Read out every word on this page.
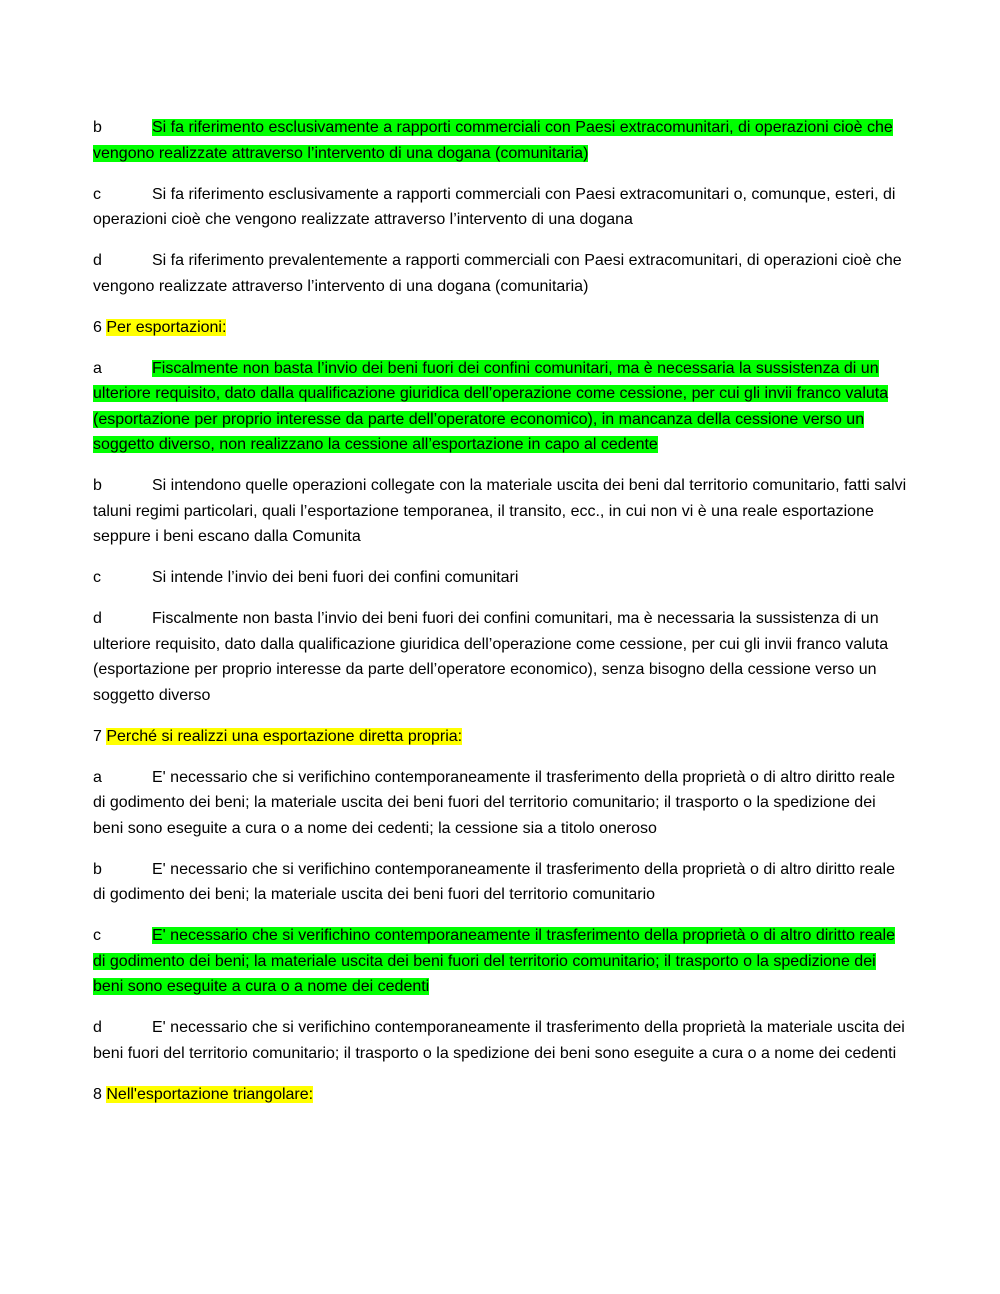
b	Si fa riferimento esclusivamente a rapporti commerciali con Paesi extracomunitari, di operazioni cioè che vengono realizzate attraverso l’intervento di una dogana (comunitaria)

c	Si fa riferimento esclusivamente a rapporti commerciali con Paesi extracomunitari o, comunque, esteri, di operazioni cioè che vengono realizzate attraverso l’intervento di una dogana

d	Si fa riferimento prevalentemente a rapporti commerciali con Paesi extracomunitari, di operazioni cioè che vengono realizzate attraverso l’intervento di una dogana (comunitaria)

6 Per esportazioni:

a	Fiscalmente non basta l’invio dei beni fuori dei confini comunitari, ma è necessaria la sussistenza di un ulteriore requisito, dato dalla qualificazione giuridica dell’operazione come cessione, per cui gli invii franco valuta (esportazione per proprio interesse da parte dell’operatore economico), in mancanza della cessione verso un soggetto diverso, non realizzano la cessione all’esportazione in capo al cedente

b	Si intendono quelle operazioni collegate con la materiale uscita dei beni dal territorio comunitario, fatti salvi taluni regimi particolari, quali l’esportazione temporanea, il transito, ecc., in cui non vi è una reale esportazione seppure i beni escano dalla Comunita

c	Si intende l’invio dei beni fuori dei confini comunitari

d	Fiscalmente non basta l’invio dei beni fuori dei confini comunitari, ma è necessaria la sussistenza di un ulteriore requisito, dato dalla qualificazione giuridica dell’operazione come cessione, per cui gli invii franco valuta (esportazione per proprio interesse da parte dell’operatore economico), senza bisogno della cessione verso un soggetto diverso

7 Perché si realizzi una esportazione diretta propria:

a	E' necessario che si verifichino contemporaneamente il trasferimento della proprietà o di altro diritto reale di godimento dei beni; la materiale uscita dei beni fuori del territorio comunitario; il trasporto o la spedizione dei beni sono eseguite a cura o a nome dei cedenti; la cessione sia a titolo oneroso

b	E' necessario che si verifichino contemporaneamente il trasferimento della proprietà o di altro diritto reale di godimento dei beni; la materiale uscita dei beni fuori del territorio comunitario

c	E' necessario che si verifichino contemporaneamente il trasferimento della proprietà o di altro diritto reale di godimento dei beni; la materiale uscita dei beni fuori del territorio comunitario; il trasporto o la spedizione dei beni sono eseguite a cura o a nome dei cedenti

d	E' necessario che si verifichino contemporaneamente il trasferimento della proprietà la materiale uscita dei beni fuori del territorio comunitario; il trasporto o la spedizione dei beni sono eseguite a cura o a nome dei cedenti

8 Nell'esportazione triangolare:
